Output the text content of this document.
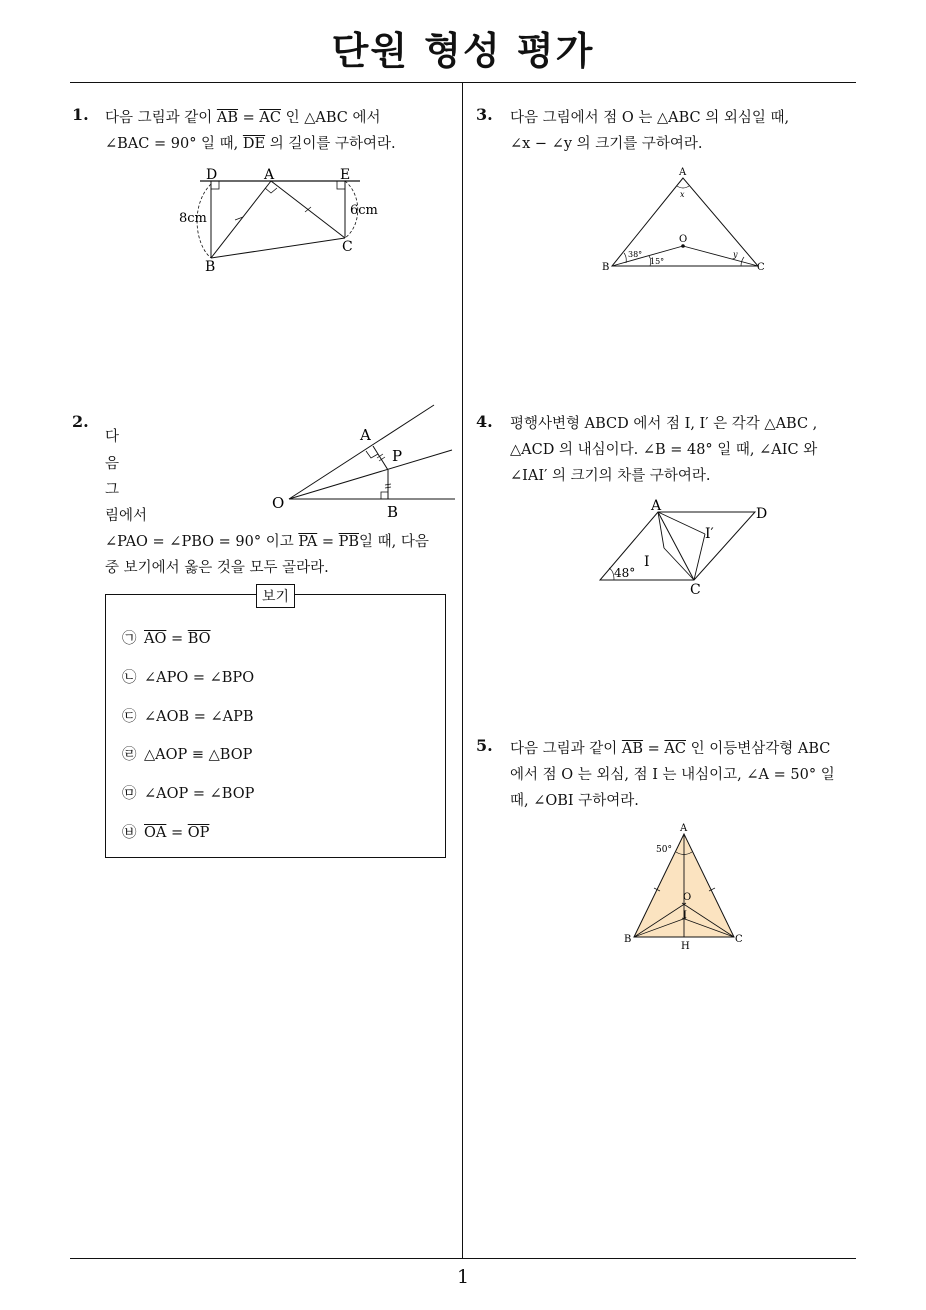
단원 형성 평가
1
1. 다음 그림과 같이 $\overline{AB} = \overline{AC}$ 인 △ABC 에서
∠BAC = 90° 일 때, $\overline{DE}$ 의 길이를 구하여라.
D	A	E
B
C
8cm
6cm
2.
다
음
그
림에서
∠PAO = ∠PBO = 90° 이고 $\overline{PA} = \overline{PB}$일 때, 다음
중 보기에서 옳은 것을 모두 골라라.
A
P
O	B
보기
㉠ $\overline{AO} = \overline{BO}$
㉡ ∠APO = ∠BPO
㉢ ∠AOB = ∠APB
㉣ △AOP ≡ △BOP
㉤ ∠AOP = ∠BOP
㉥ $\overline{OA} = \overline{OP}$
3. 다음 그림에서 점 O 는 △ABC 의 외심일 때,
∠x − ∠y 의 크기를 구하여라.
A
B	C
O
x
y
38°
15°
4. 평행사변형 ABCD 에서 점 I, I′ 은 각각 △ABC ,
△ACD 의 내심이다. ∠B = 48° 일 때, ∠AIC 와
∠IAI′ 의 크기의 차를 구하여라.
A	D
C
I
I′
48°
5. 다음 그림과 같이 $\overline{AB} = \overline{AC}$ 인 이등변삼각형 ABC
에서 점 O 는 외심, 점 I 는 내심이고, ∠A = 50° 일
때, ∠OBI 구하여라.
A
B	C
H
O
I
50°
